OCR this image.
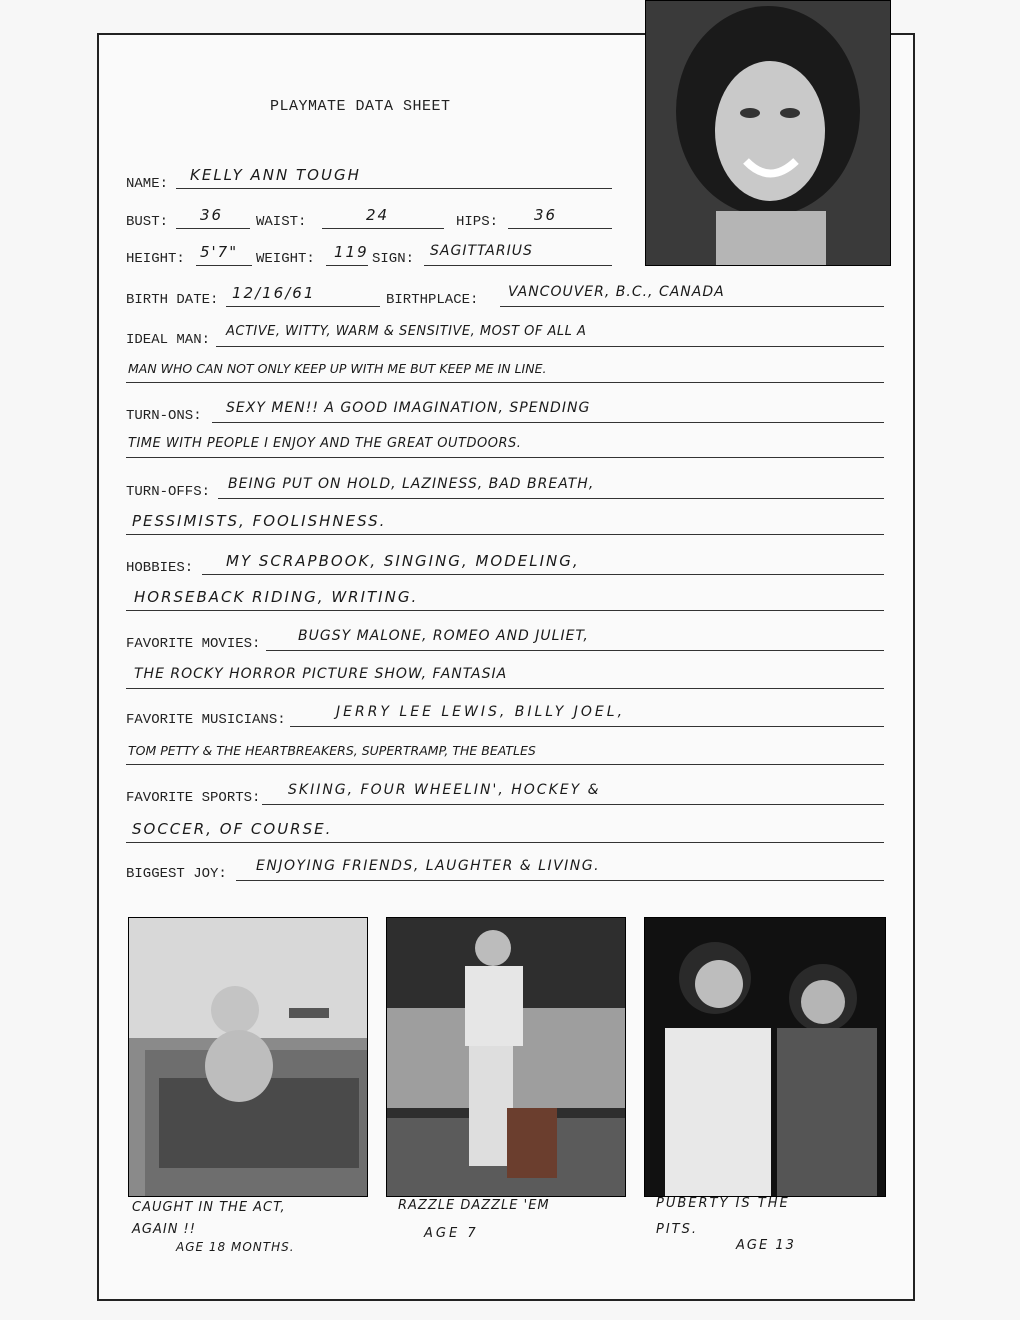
PLAYMATE DATA SHEET
NAME: KELLY ANN TOUGH
BUST: 36 WAIST:	24	HIPS: 36
HEIGHT: 5'7" WEIGHT: 119 SIGN: SAGITTARIUS
BIRTH DATE: 12/16/61	BIRTHPLACE: VANCOUVER, B.C., CANADA
IDEAL MAN:
ACTIVE, WITTY, WARM & SENSITIVE, MOST OF ALL A
MAN WHO CAN NOT ONLY KEEP UP WITH ME BUT KEEP ME IN LINE.
TURN-ONS: SEXY MEN!! A GOOD IMAGINATION, SPENDING
TIME WITH PEOPLE I ENJOY AND THE GREAT OUTDOORS.
TURN-OFFS: BEING PUT ON HOLD, LAZINESS, BAD BREATH,
PESSIMISTS, FOOLISHNESS.
HOBBIES: MY SCRAPBOOK, SINGING, MODELING,
HORSEBACK RIDING, WRITING.
FAVORITE MOVIES:	BUGSY MALONE, ROMEO AND JULIET,
THE ROCKY HORROR PICTURE SHOW, FANTASIA
FAVORITE MUSICIANS:	JERRY LEE LEWIS, BILLY JOEL,
TOM PETTY & THE HEARTBREAKERS, SUPERTRAMP, THE BEATLES
FAVORITE SPORTS: SKIING, FOUR WHEELIN', HOCKEY &
SOCCER, OF COURSE.
BIGGEST JOY: ENJOYING FRIENDS, LAUGHTER & LIVING.
CAUGHT IN THE ACT,
AGAIN !!
AGE 18 MONTHS.
RAZZLE DAZZLE 'EM
AGE 7
PUBERTY IS THE
PITS.
AGE 13
